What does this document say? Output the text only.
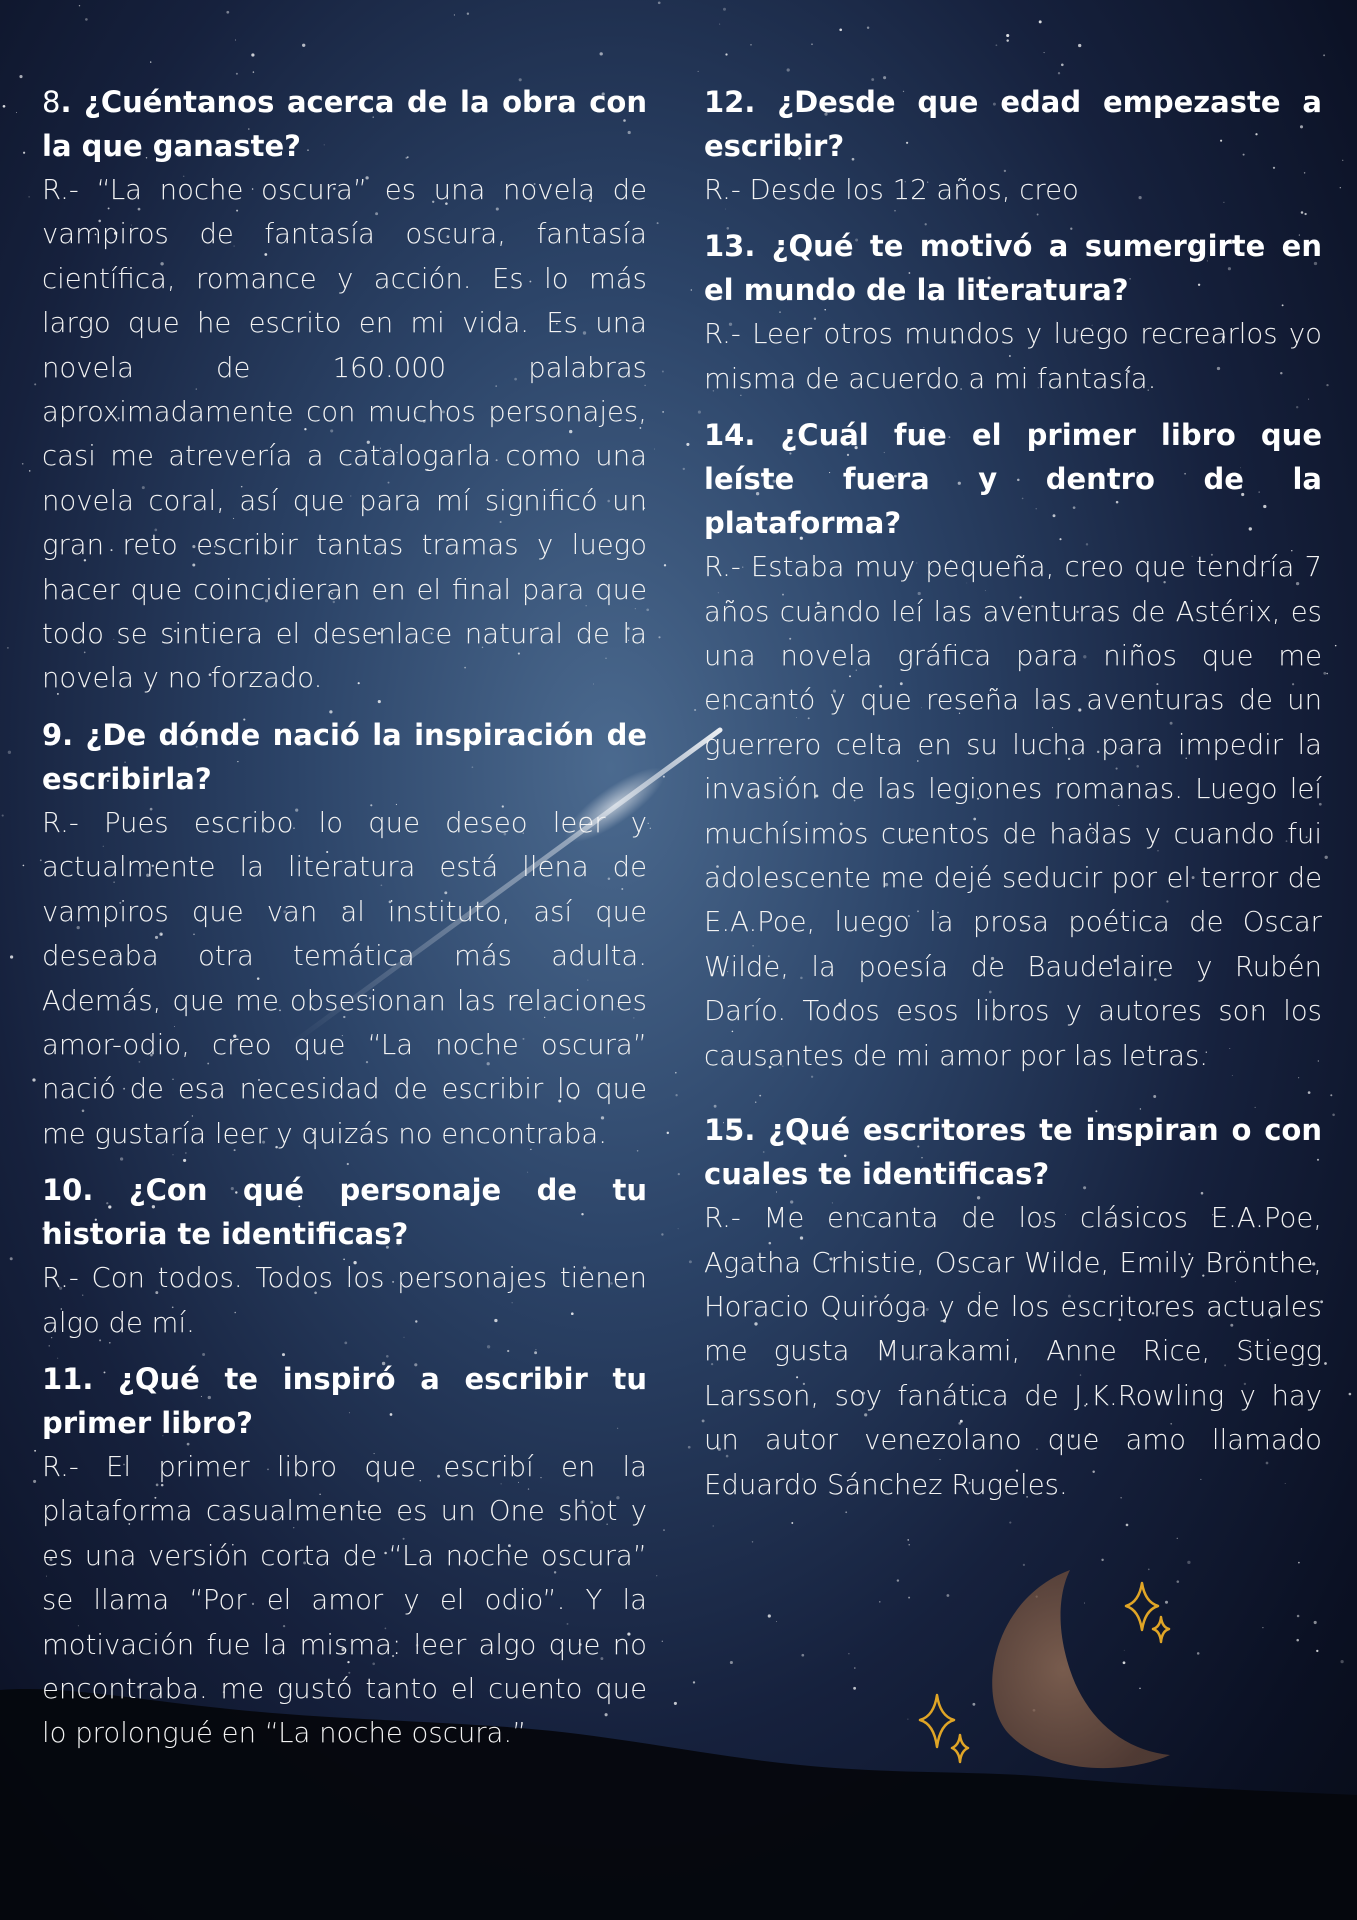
8. ¿Cuéntanos acerca de la obra con la que ganaste?

R.- “La noche oscura” es una novela de vampiros de fantasía oscura, fantasía científica, romance y acción. Es lo más largo que he escrito en mi vida. Es una novela de 160.000 palabras aproximadamente con muchos personajes, casi me atrevería a catalogarla como una novela coral, así que para mí significó un gran reto escribir tantas tramas y luego hacer que coincidieran en el final para que todo se sintiera el desenlace natural de la novela y no forzado.

9. ¿De dónde nació la inspiración de escribirla?

R.- Pues escribo lo que deseo leer y actualmente la literatura está llena de vampiros que van al instituto, así que deseaba otra temática más adulta. Además, que me obsesionan las relaciones amor-odio, creo que “La noche oscura” nació de esa necesidad de escribir lo que me gustaría leer y quizás no encontraba.

10. ¿Con qué personaje de tu historia te identificas?

R.- Con todos. Todos los personajes tienen algo de mí.

11. ¿Qué te inspiró a escribir tu primer libro?

R.- El primer libro que escribí en la plataforma casualmente es un One shot y es una versión corta de “La noche oscura” se llama “Por el amor y el odio”. Y la motivación fue la misma: leer algo que no encontraba. me gustó tanto el cuento que lo prolongué en “La noche oscura.”

12. ¿Desde que edad empezaste a escribir?

R.- Desde los 12 años, creo

13. ¿Qué te motivó a sumergirte en el mundo de la literatura?

R.- Leer otros mundos y luego recrearlos yo misma de acuerdo a mi fantasía.

14. ¿Cuál fue el primer libro que leíste fuera y dentro de la plataforma?

R.- Estaba muy pequeña, creo que tendría 7 años cuando leí las aventuras de Astérix, es una novela gráfica para niños que me encantó y que reseña las aventuras de un guerrero celta en su lucha para impedir la invasión de las legiones romanas. Luego leí muchísimos cuentos de hadas y cuando fui adolescente me dejé seducir por el terror de E.A.Poe, luego la prosa poética de Oscar Wilde, la poesía de Baudelaire y Rubén Darío. Todos esos libros y autores son los causantes de mi amor por las letras.

15. ¿Qué escritores te inspiran o con cuales te identificas?

R.- Me encanta de los clásicos E.A.Poe, Agatha Crhistie, Oscar Wilde, Emily Brönthe, Horacio Quiróga y de los escritores actuales me gusta Murakami, Anne Rice, Stiegg Larsson, soy fanática de J.K.Rowling y hay un autor venezolano que amo llamado Eduardo Sánchez Rugeles.
